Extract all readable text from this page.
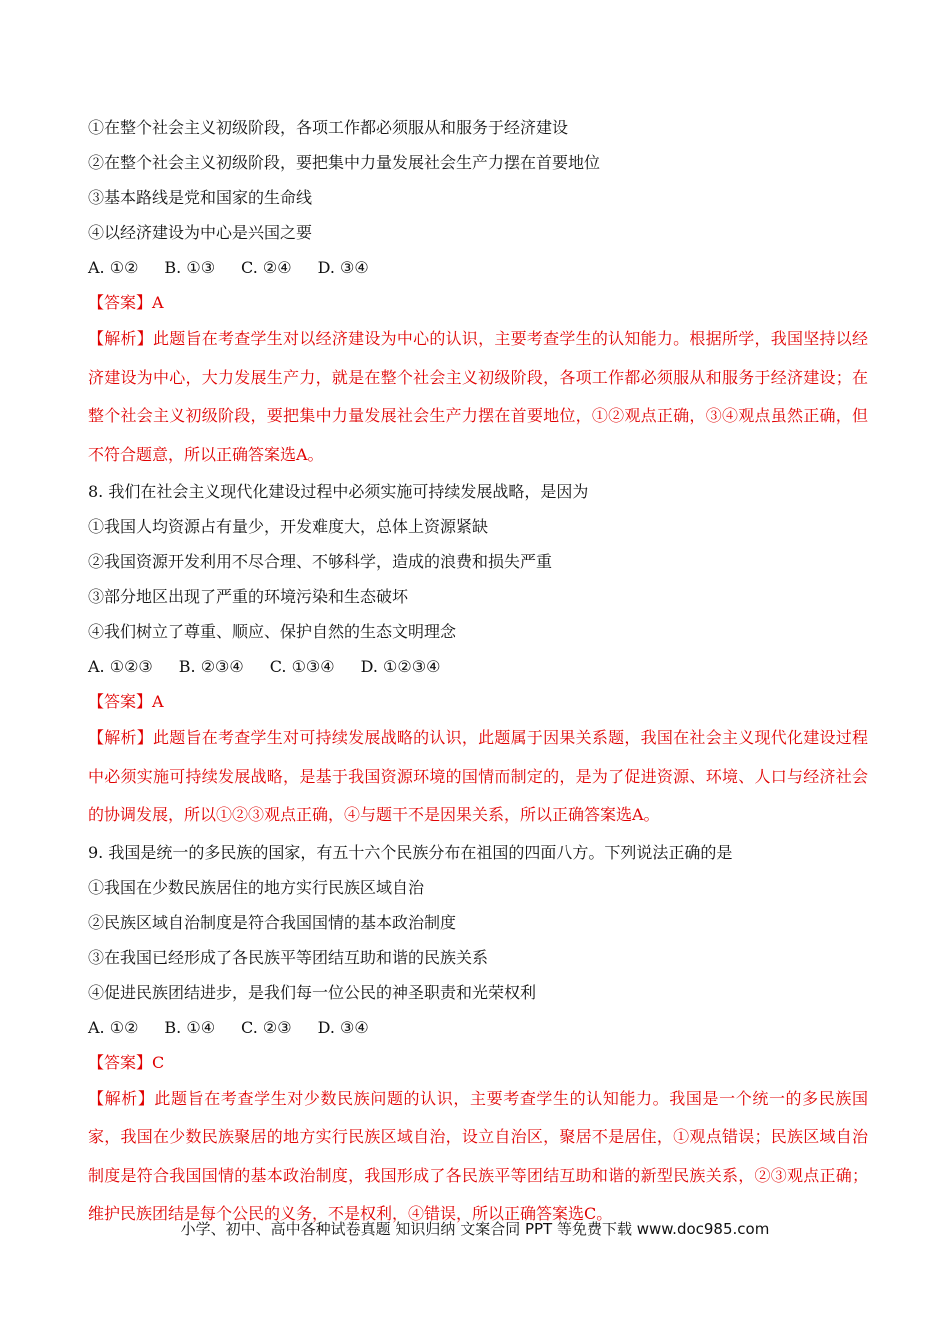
①在整个社会主义初级阶段，各项工作都必须服从和服务于经济建设
②在整个社会主义初级阶段，要把集中力量发展社会生产力摆在首要地位
③基本路线是党和国家的生命线
④以经济建设为中心是兴国之要
A. ①② B. ①③ C. ②④ D. ③④
【答案】A
【解析】此题旨在考查学生对以经济建设为中心的认识，主要考查学生的认知能力。根据所学，我国坚持以经济建设为中心，大力发展生产力，就是在整个社会主义初级阶段，各项工作都必须服从和服务于经济建设；在整个社会主义初级阶段，要把集中力量发展社会生产力摆在首要地位，①②观点正确，③④观点虽然正确，但不符合题意，所以正确答案选A。
8. 我们在社会主义现代化建设过程中必须实施可持续发展战略，是因为
①我国人均资源占有量少，开发难度大，总体上资源紧缺
②我国资源开发利用不尽合理、不够科学，造成的浪费和损失严重
③部分地区出现了严重的环境污染和生态破坏
④我们树立了尊重、顺应、保护自然的生态文明理念
A. ①②③ B. ②③④ C. ①③④ D. ①②③④
【答案】A
【解析】此题旨在考查学生对可持续发展战略的认识，此题属于因果关系题，我国在社会主义现代化建设过程中必须实施可持续发展战略，是基于我国资源环境的国情而制定的，是为了促进资源、环境、人口与经济社会的协调发展，所以①②③观点正确，④与题干不是因果关系，所以正确答案选A。
9. 我国是统一的多民族的国家，有五十六个民族分布在祖国的四面八方。下列说法正确的是
①我国在少数民族居住的地方实行民族区域自治
②民族区域自治制度是符合我国国情的基本政治制度
③在我国已经形成了各民族平等团结互助和谐的民族关系
④促进民族团结进步，是我们每一位公民的神圣职责和光荣权利
A. ①② B. ①④ C. ②③ D. ③④
【答案】C
【解析】此题旨在考查学生对少数民族问题的认识，主要考查学生的认知能力。我国是一个统一的多民族国家，我国在少数民族聚居的地方实行民族区域自治，设立自治区，聚居不是居住，①观点错误；民族区域自治制度是符合我国国情的基本政治制度，我国形成了各民族平等团结互助和谐的新型民族关系，②③观点正确；维护民族团结是每个公民的义务，不是权利，④错误，所以正确答案选C。
小学、初中、高中各种试卷真题 知识归纳 文案合同 PPT 等免费下载 www.doc985.com
